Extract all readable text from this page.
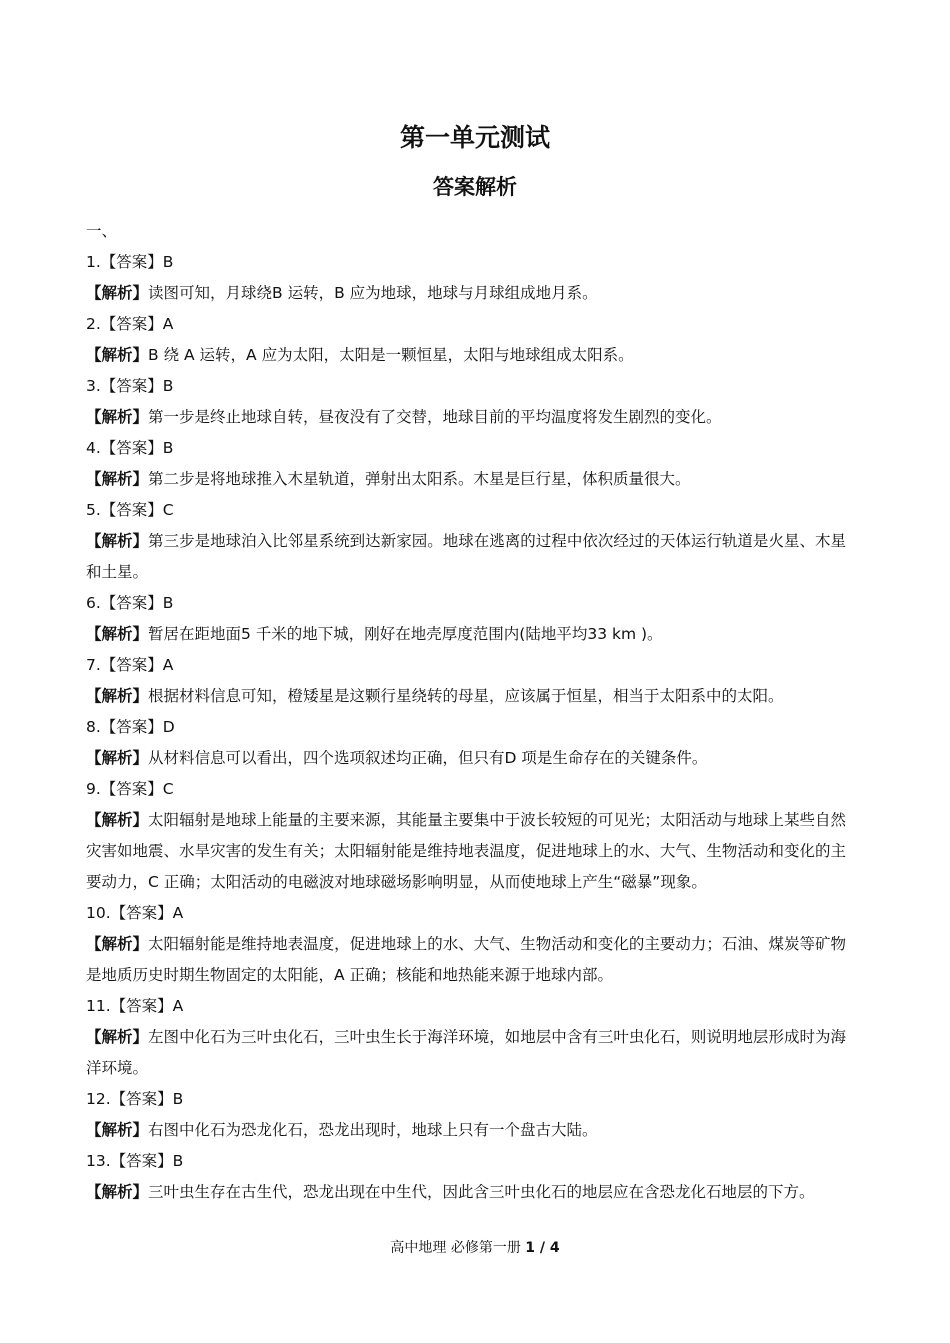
第一单元测试
答案解析

一、

1.【答案】B

【解析】读图可知，月球绕B 运转，B 应为地球，地球与月球组成地月系。

2.【答案】A

【解析】B 绕 A 运转，A 应为太阳，太阳是一颗恒星，太阳与地球组成太阳系。

3.【答案】B

【解析】第一步是终止地球自转，昼夜没有了交替，地球目前的平均温度将发生剧烈的变化。

4.【答案】B

【解析】第二步是将地球推入木星轨道，弹射出太阳系。木星是巨行星，体积质量很大。

5.【答案】C

【解析】第三步是地球泊入比邻星系统到达新家园。地球在逃离的过程中依次经过的天体运行轨道是火星、木星和土星。

6.【答案】B

【解析】暂居在距地面5 千米的地下城，刚好在地壳厚度范围内(陆地平均33 km )。

7.【答案】A

【解析】根据材料信息可知，橙矮星是这颗行星绕转的母星，应该属于恒星，相当于太阳系中的太阳。

8.【答案】D

【解析】从材料信息可以看出，四个选项叙述均正确，但只有D 项是生命存在的关键条件。

9.【答案】C

【解析】太阳辐射是地球上能量的主要来源，其能量主要集中于波长较短的可见光；太阳活动与地球上某些自然灾害如地震、水旱灾害的发生有关；太阳辐射能是维持地表温度，促进地球上的水、大气、生物活动和变化的主要动力，C 正确；太阳活动的电磁波对地球磁场影响明显，从而使地球上产生“磁暴”现象。

10.【答案】A

【解析】太阳辐射能是维持地表温度，促进地球上的水、大气、生物活动和变化的主要动力；石油、煤炭等矿物是地质历史时期生物固定的太阳能，A 正确；核能和地热能来源于地球内部。

11.【答案】A

【解析】左图中化石为三叶虫化石，三叶虫生长于海洋环境，如地层中含有三叶虫化石，则说明地层形成时为海洋环境。

12.【答案】B

【解析】右图中化石为恐龙化石，恐龙出现时，地球上只有一个盘古大陆。

13.【答案】B

【解析】三叶虫生存在古生代，恐龙出现在中生代，因此含三叶虫化石的地层应在含恐龙化石地层的下方。

高中地理 必修第一册 1 / 4
